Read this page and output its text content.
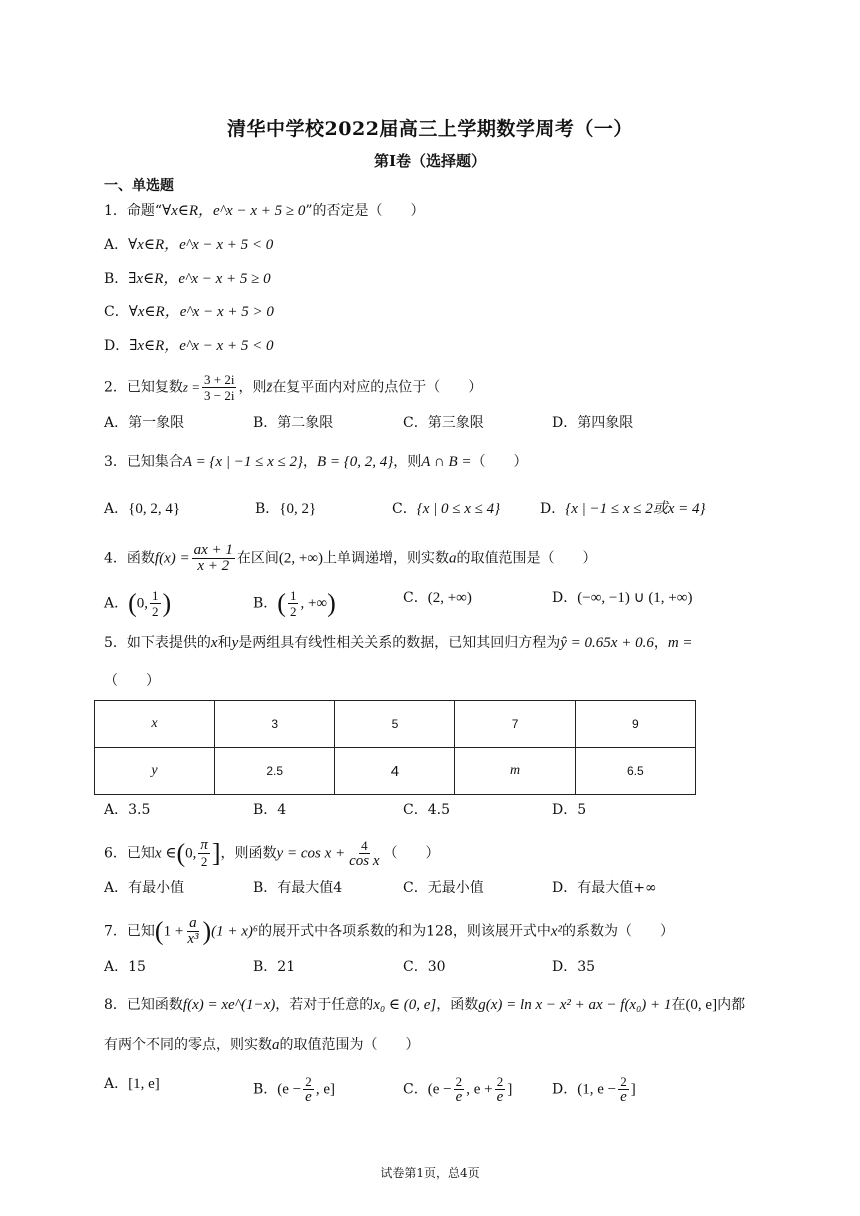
清华中学校2022届高三上学期数学周考（一）
第Ⅰ卷（选择题）
一、单选题
1．命题“∀x∈R，e^x − x + 5 ≥ 0”的否定是（　　）
A．∀x∈R，e^x − x + 5 < 0
B．∃x∈R，e^x − x + 5 ≥ 0
C．∀x∈R，e^x − x + 5 > 0
D．∃x∈R，e^x − x + 5 < 0
2．已知复数$z = \frac{3 + 2i}{3 - 2i}$ ，则z̄在复平面内对应的点位于（　　）
A．第一象限	B．第二象限	C．第三象限	D．第四象限
3．已知集合A = {x | −1 ≤ x ≤ 2}，B = {0, 2, 4}，则A ∩ B =（　　）
A．{0, 2, 4}	B．{0, 2}	C．{x | 0 ≤ x ≤ 4}	D．{x | −1 ≤ x ≤ 2或x = 4}
4．函数$f(x) = \frac{ax + 1}{x + 2}$ 在区间(2, +∞)上单调递增，则实数a的取值范围是（　　）
A．(0, $\frac{1}{2}$ )	B．( $\frac{1}{2}$ , +∞)	C．(2, +∞)	D．(−∞, −1) ∪ (1, +∞)
5．如下表提供的x和y是两组具有线性相关关系的数据，已知其回归方程为ŷ = 0.65x + 0.6，m =
（　　）
x	3	5	7	9
y	2.5	4	m	6.5
A．3.5	B．4	C．4.5	D．5
6．已知x ∈(0, $\frac{\pi}{2}$ ]，则函数$y = \cos x + \frac{4}{\text{cos x}}$ （　　）
A．有最小值	B．有最大值4	C．无最小值	D．有最大值+∞
7．已知$(1 + \frac{a}{\text{x³}} )(1 + x)^6$的展开式中各项系数的和为128，则该展开式中x²的系数为（　　）
A．15	B．21	C．30	D．35
8．已知函数f(x) = xe^(1−x)，若对于任意的x₀ ∈ (0, e]，函数g(x) = ln x − x² + ax − f(x₀) + 1在(0, e]内都
有两个不同的零点，则实数a的取值范围为（　　）
A．[1, e]	B．($e - \frac{2}{e}$ , e]	C．($e - \frac{2}{e}$ , $e + \frac{2}{e}$ ]	D．(1, $e - \frac{2}{e}$ ]
试卷第1页，总4页
